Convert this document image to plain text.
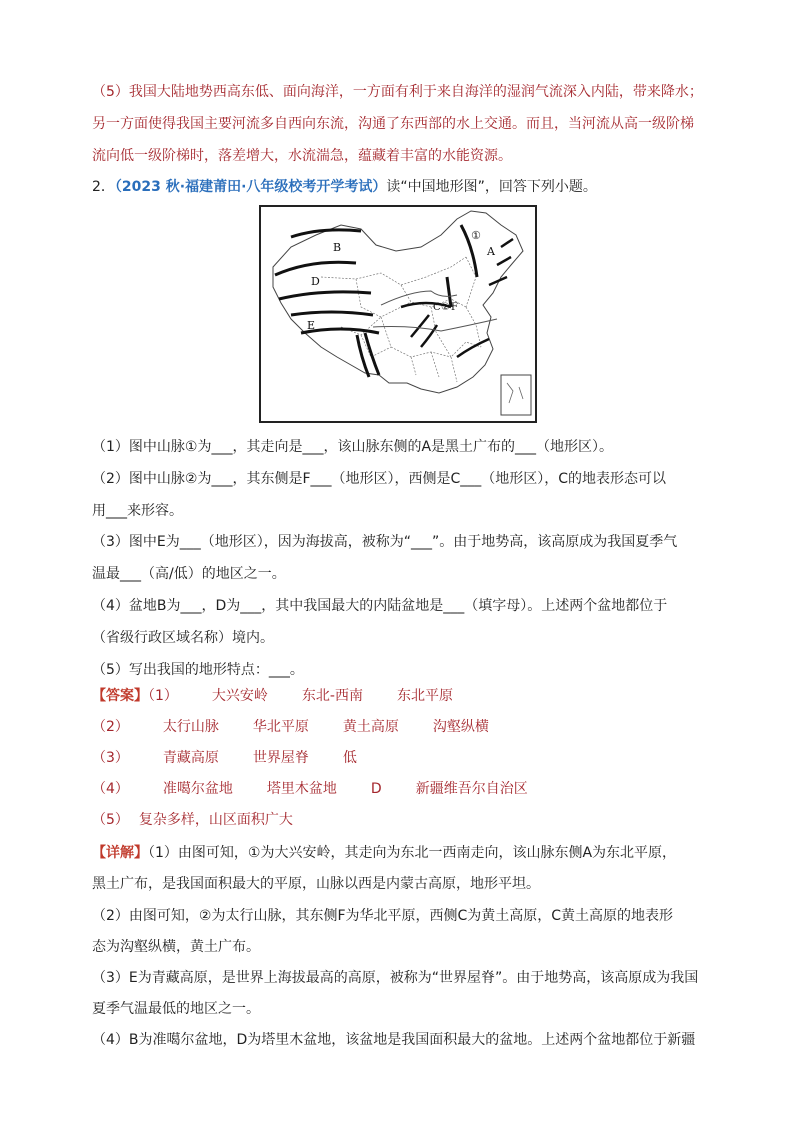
（5）我国大陆地势西高东低、面向海洋，一方面有利于来自海洋的湿润气流深入内陆，带来降水；
另一方面使得我国主要河流多自西向东流，沟通了东西部的水上交通。而且，当河流从高一级阶梯
流向低一级阶梯时，落差增大，水流湍急，蕴藏着丰富的水能资源。
2．（2023 秋·福建莆田·八年级校考开学考试）读“中国地形图”，回答下列小题。
B
D
E
A
①
C ② F
（1）图中山脉①为___，其走向是___，该山脉东侧的A是黑土广布的___（地形区）。
（2）图中山脉②为___，其东侧是F___（地形区），西侧是C___（地形区），C的地表形态可以
用___来形容。
（3）图中E为___（地形区），因为海拔高，被称为“___”。由于地势高，该高原成为我国夏季气
温最___（高/低）的地区之一。
（4）盆地B为___，D为___，其中我国最大的内陆盆地是___（填字母）。上述两个盆地都位于
（省级行政区域名称）境内。
（5）写出我国的地形特点：___。
【答案】（1） 大兴安岭 东北-西南 东北平原
（2） 太行山脉 华北平原 黄土高原 沟壑纵横
（3） 青藏高原 世界屋脊 低
（4） 准噶尔盆地 塔里木盆地 D 新疆维吾尔自治区
（5） 复杂多样，山区面积广大
【详解】（1）由图可知，①为大兴安岭，其走向为东北一西南走向，该山脉东侧A为东北平原，
黑土广布，是我国面积最大的平原，山脉以西是内蒙古高原，地形平坦。
（2）由图可知，②为太行山脉，其东侧F为华北平原，西侧C为黄土高原，C黄土高原的地表形
态为沟壑纵横，黄土广布。
（3）E为青藏高原，是世界上海拔最高的高原，被称为“世界屋脊”。由于地势高，该高原成为我国
夏季气温最低的地区之一。
（4）B为准噶尔盆地，D为塔里木盆地，该盆地是我国面积最大的盆地。上述两个盆地都位于新疆
